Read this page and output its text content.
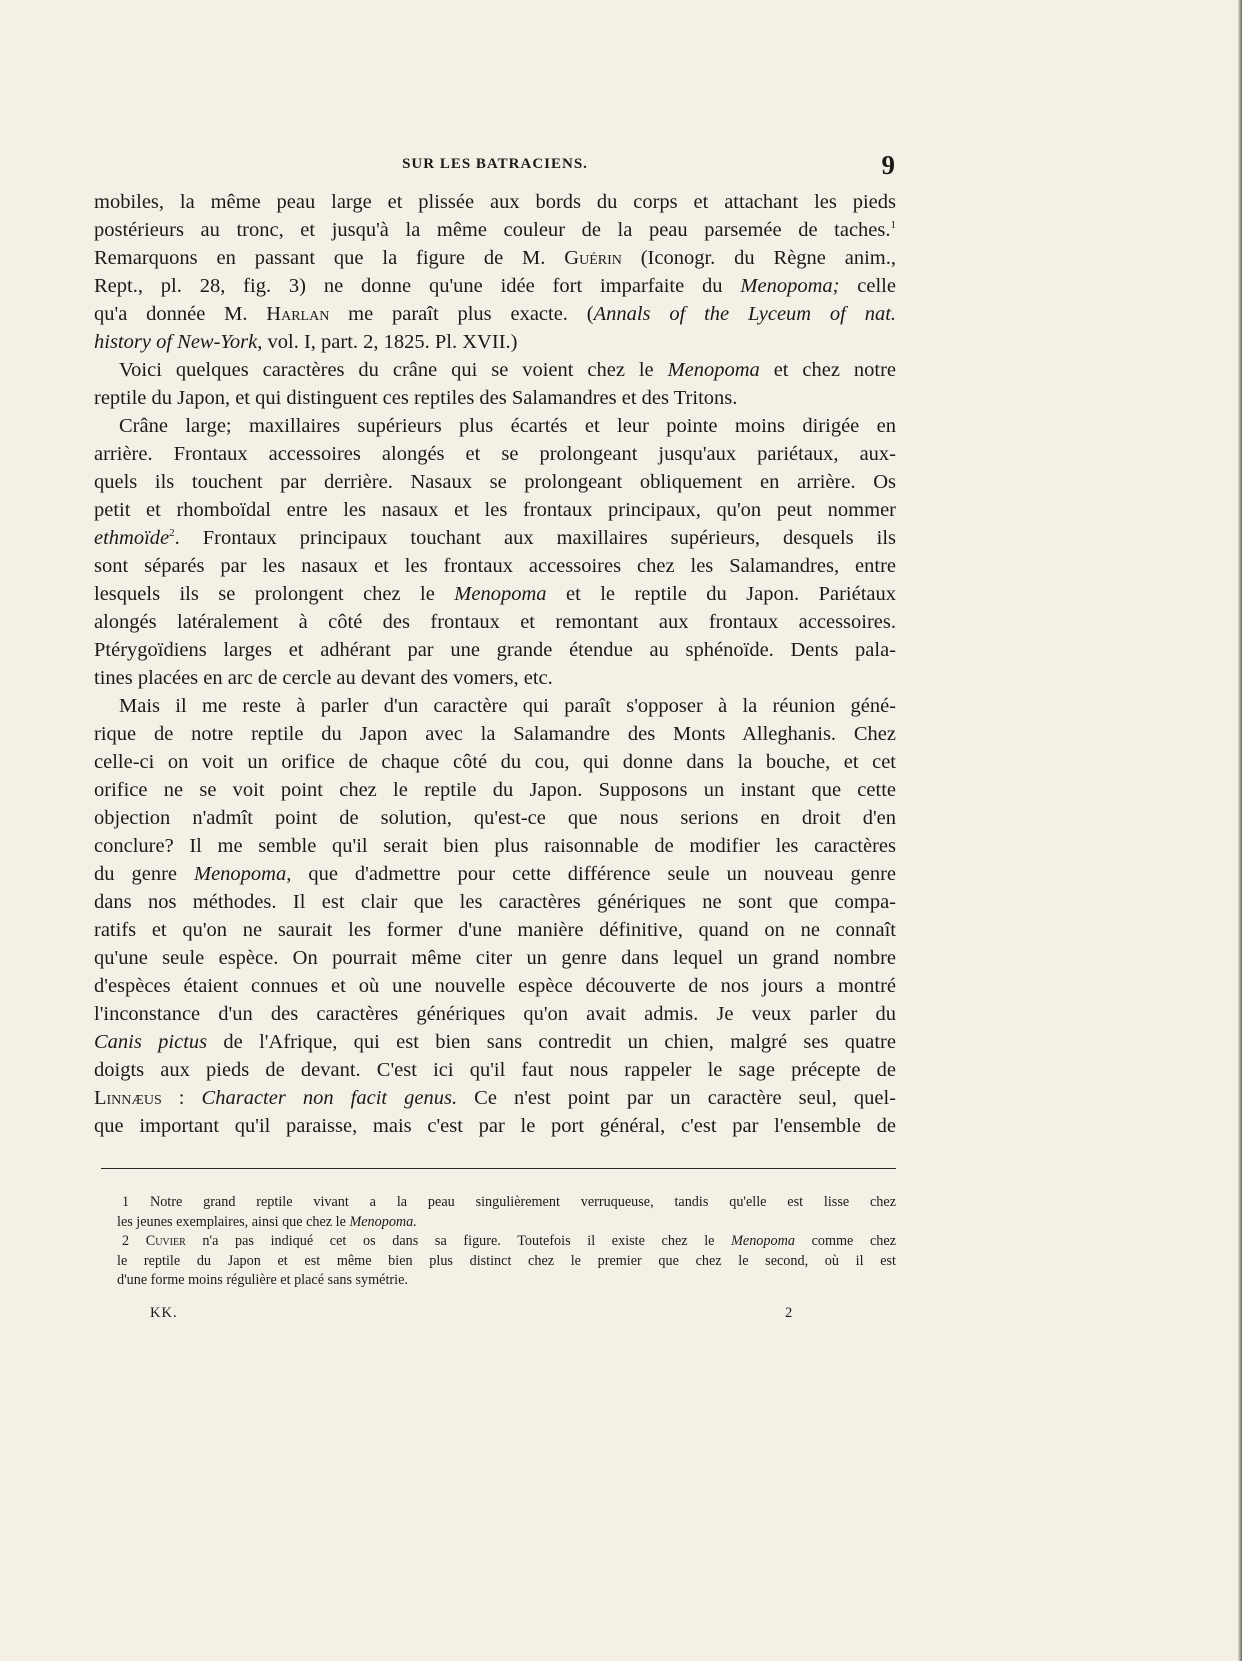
SUR LES BATRACIENS.	9
mobiles, la même peau large et plissée aux bords du corps et attachant les pieds
postérieurs au tronc, et jusqu'à la même couleur de la peau parsemée de taches.$^1$
Remarquons en passant que la figure de M. Guérin (Iconogr. du Règne anim.,
Rept., pl. 28, fig. 3) ne donne qu'une idée fort imparfaite du Menopoma; celle
qu'a donnée M. Harlan me paraît plus exacte. (Annals of the Lyceum of nat.
history of New-York, vol. I, part. 2, 1825. Pl. XVII.)
Voici quelques caractères du crâne qui se voient chez le Menopoma et chez notre
reptile du Japon, et qui distinguent ces reptiles des Salamandres et des Tritons.
Crâne large; maxillaires supérieurs plus écartés et leur pointe moins dirigée en
arrière. Frontaux accessoires alongés et se prolongeant jusqu'aux pariétaux, aux-
quels ils touchent par derrière. Nasaux se prolongeant obliquement en arrière. Os
petit et rhomboïdal entre les nasaux et les frontaux principaux, qu'on peut nommer
ethmoïde$^2$. Frontaux principaux touchant aux maxillaires supérieurs, desquels ils
sont séparés par les nasaux et les frontaux accessoires chez les Salamandres, entre
lesquels ils se prolongent chez le Menopoma et le reptile du Japon. Pariétaux
alongés latéralement à côté des frontaux et remontant aux frontaux accessoires.
Ptérygoïdiens larges et adhérant par une grande étendue au sphénoïde. Dents pala-
tines placées en arc de cercle au devant des vomers, etc.
Mais il me reste à parler d'un caractère qui paraît s'opposer à la réunion géné-
rique de notre reptile du Japon avec la Salamandre des Monts Alleghanis. Chez
celle-ci on voit un orifice de chaque côté du cou, qui donne dans la bouche, et cet
orifice ne se voit point chez le reptile du Japon. Supposons un instant que cette
objection n'admît point de solution, qu'est-ce que nous serions en droit d'en
conclure? Il me semble qu'il serait bien plus raisonnable de modifier les caractères
du genre Menopoma, que d'admettre pour cette différence seule un nouveau genre
dans nos méthodes. Il est clair que les caractères génériques ne sont que compa-
ratifs et qu'on ne saurait les former d'une manière définitive, quand on ne connaît
qu'une seule espèce. On pourrait même citer un genre dans lequel un grand nombre
d'espèces étaient connues et où une nouvelle espèce découverte de nos jours a montré
l'inconstance d'un des caractères génériques qu'on avait admis. Je veux parler du
Canis pictus de l'Afrique, qui est bien sans contredit un chien, malgré ses quatre
doigts aux pieds de devant. C'est ici qu'il faut nous rappeler le sage précepte de
Linnæus : Character non facit genus. Ce n'est point par un caractère seul, quel-
que important qu'il paraisse, mais c'est par le port général, c'est par l'ensemble de
1 Notre grand reptile vivant a la peau singulièrement verruqueuse, tandis qu'elle est lisse chez
les jeunes exemplaires, ainsi que chez le Menopoma.
2 Cuvier n'a pas indiqué cet os dans sa figure. Toutefois il existe chez le Menopoma comme chez
le reptile du Japon et est même bien plus distinct chez le premier que chez le second, où il est
d'une forme moins régulière et placé sans symétrie.
KK.	2
